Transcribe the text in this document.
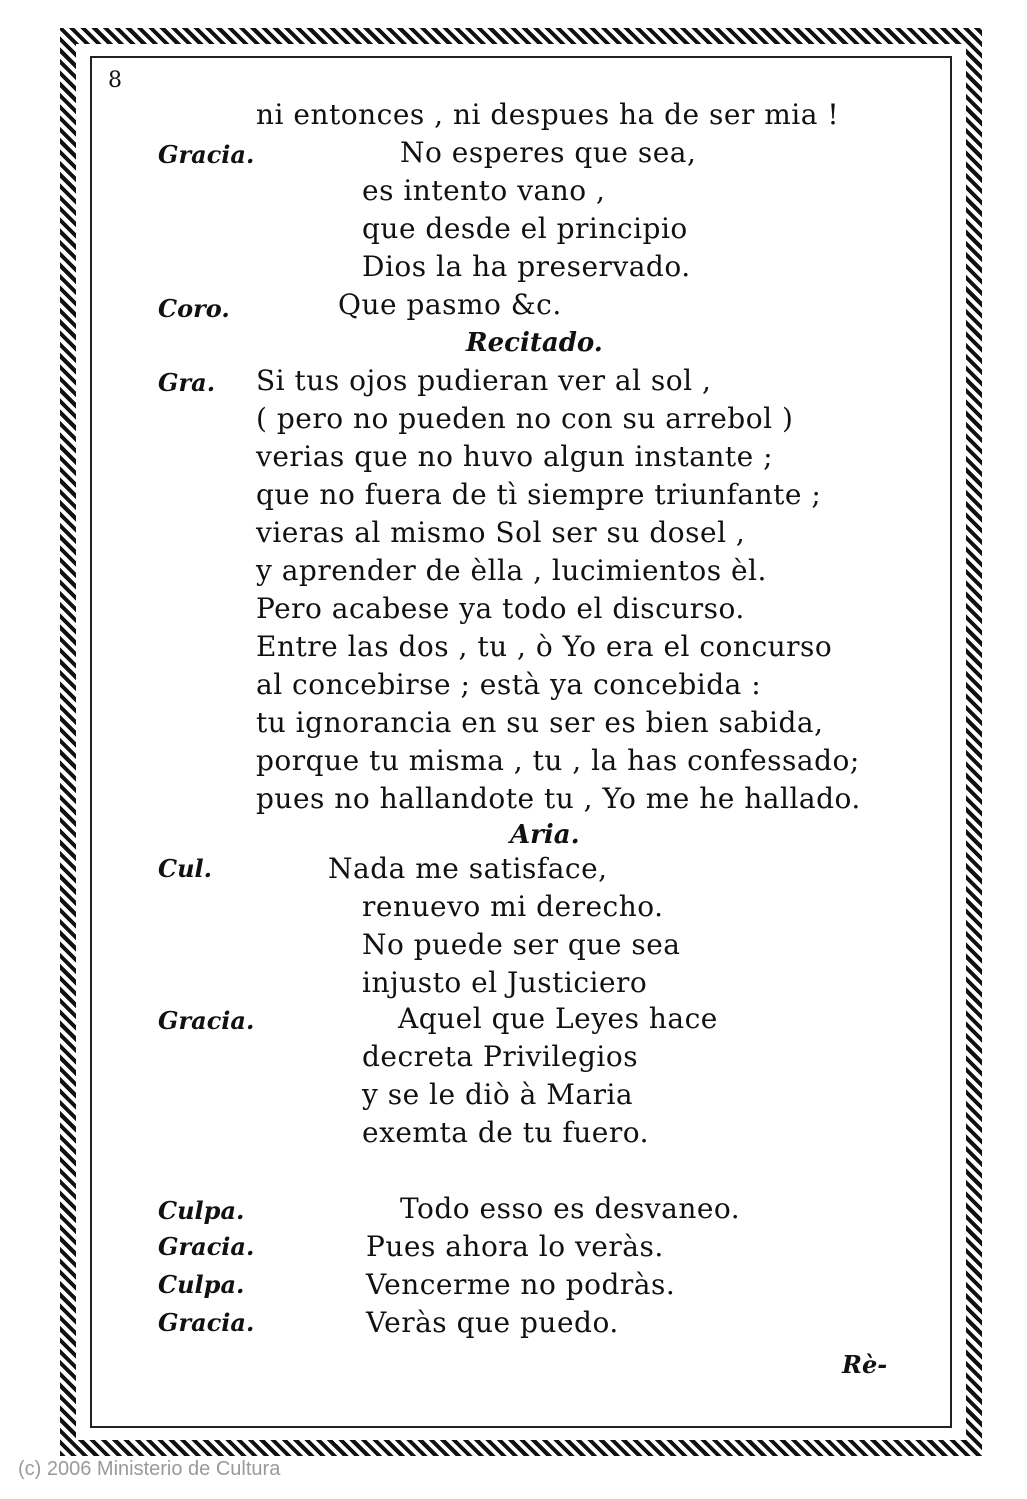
8
Gracia.
Coro.
Gra.
Cul.
Gracia.
Culpa.
Gracia.
Culpa.
Gracia.
ni entonces , ni despues ha de ser mia !
No esperes que sea,
es intento vano ,
que desde el principio
Dios la ha preservado.
Que pasmo &c.
Recitado.
Si tus ojos pudieran ver al sol ,
( pero no pueden no con su arrebol )
verias que no huvo algun instante ;
que no fuera de tì siempre triunfante ;
vieras al mismo Sol ser su dosel ,
y aprender de èlla , lucimientos èl.
Pero acabese ya todo el discurso.
Entre las dos , tu , ò Yo era el concurso
al concebirse ; està ya concebida :
tu ignorancia en su ser es bien sabida,
porque tu misma , tu , la has confessado;
pues no hallandote tu , Yo me he hallado.
Aria.
Nada me satisface,
renuevo mi derecho.
No puede ser que sea
injusto el Justiciero
Aquel que Leyes hace
decreta Privilegios
y se le diò à Maria
exemta de tu fuero.
Todo esso es desvaneo.
Pues ahora lo veràs.
Vencerme no podràs.
Veràs que puedo.
Rè-
(c) 2006 Ministerio de Cultura
